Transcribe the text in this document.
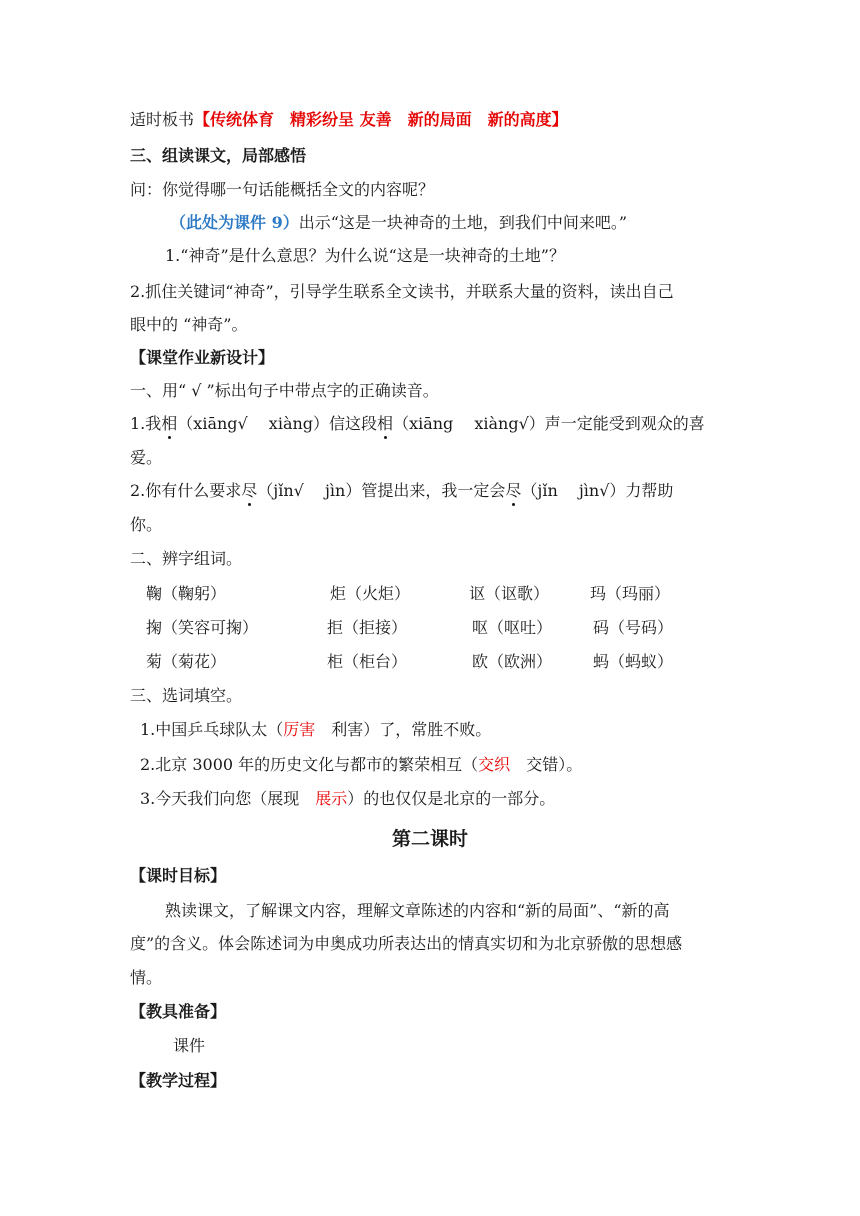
适时板书【传统体育　精彩纷呈 友善　新的局面　新的高度】
三、组读课文，局部感悟
问：你觉得哪一句话能概括全文的内容呢？
（此处为课件 9）出示“这是一块神奇的土地，到我们中间来吧。”
1.“神奇”是什么意思？为什么说“这是一块神奇的土地”？
2.抓住关键词“神奇”，引导学生联系全文读书，并联系大量的资料，读出自己
眼中的 “神奇”。
【课堂作业新设计】
一、用“ √ ”标出句子中带点字的正确读音。
1.我相（xiāng√　 xiàng）信这段相（xiāng　 xiàng√）声一定能受到观众的喜
爱。
2.你有什么要求尽（jǐn√　 jìn）管提出来，我一定会尽（jǐn　 jìn√）力帮助
你。
二、辨字组词。
鞠（鞠躬）	炬（火炬）	讴（讴歌）	玛（玛丽）
掬（笑容可掬）	拒（拒接）	呕（呕吐）	码（号码）
菊（菊花）	柜（柜台）	欧（欧洲）	蚂（蚂蚁）
三、选词填空。
1.中国乒乓球队太（厉害　利害）了，常胜不败。
2.北京 3000 年的历史文化与都市的繁荣相互（交织　交错）。
3.今天我们向您（展现　展示）的也仅仅是北京的一部分。
第二课时
【课时目标】
熟读课文，了解课文内容，理解文章陈述的内容和“新的局面”、“新的高
度”的含义。体会陈述词为申奥成功所表达出的情真实切和为北京骄傲的思想感
情。
【教具准备】
课件
【教学过程】
